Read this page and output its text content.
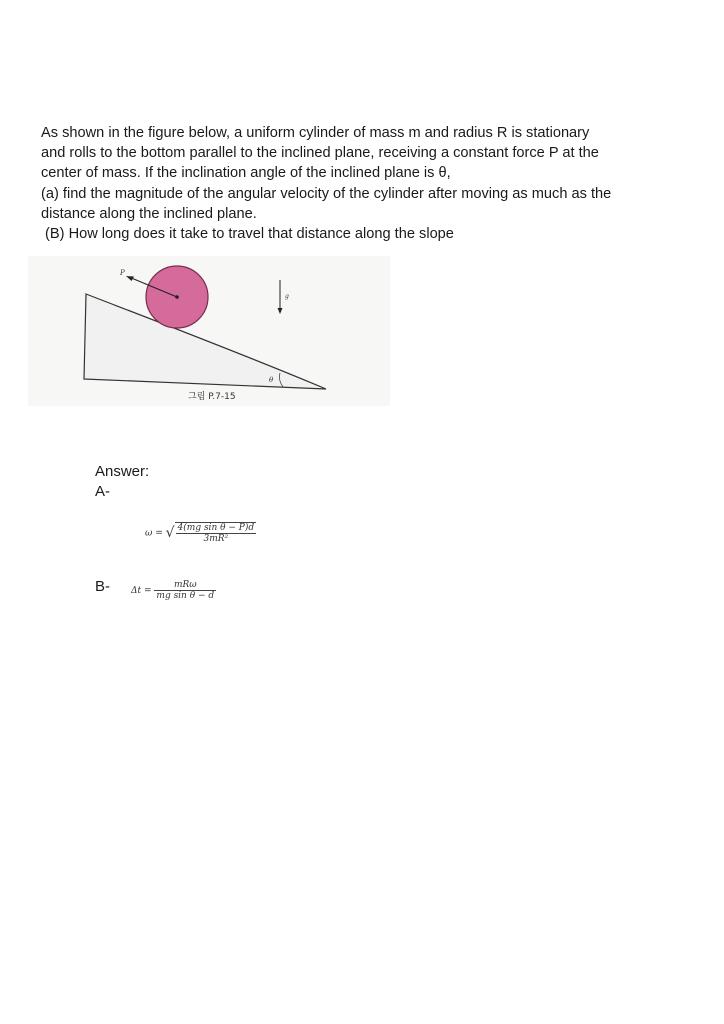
As shown in the figure below, a uniform cylinder of mass m and radius R is stationary

and rolls to the bottom parallel to the inclined plane, receiving a constant force P at the

center of mass. If the inclination angle of the inclined plane is θ,

(a) find the magnitude of the angular velocity of the cylinder after moving as much as the

distance along the inclined plane.

(B) How long does it take to travel that distance along the slope

θ
P
g
그림 P.7-15
Answer:
A-
B-
ω = √ $\frac{\text{4(mg sin θ − P)d}}{\text{3mR²}}$
$\Delta t = \frac{\text{mRω}}{\text{mg sin θ − d}}$
